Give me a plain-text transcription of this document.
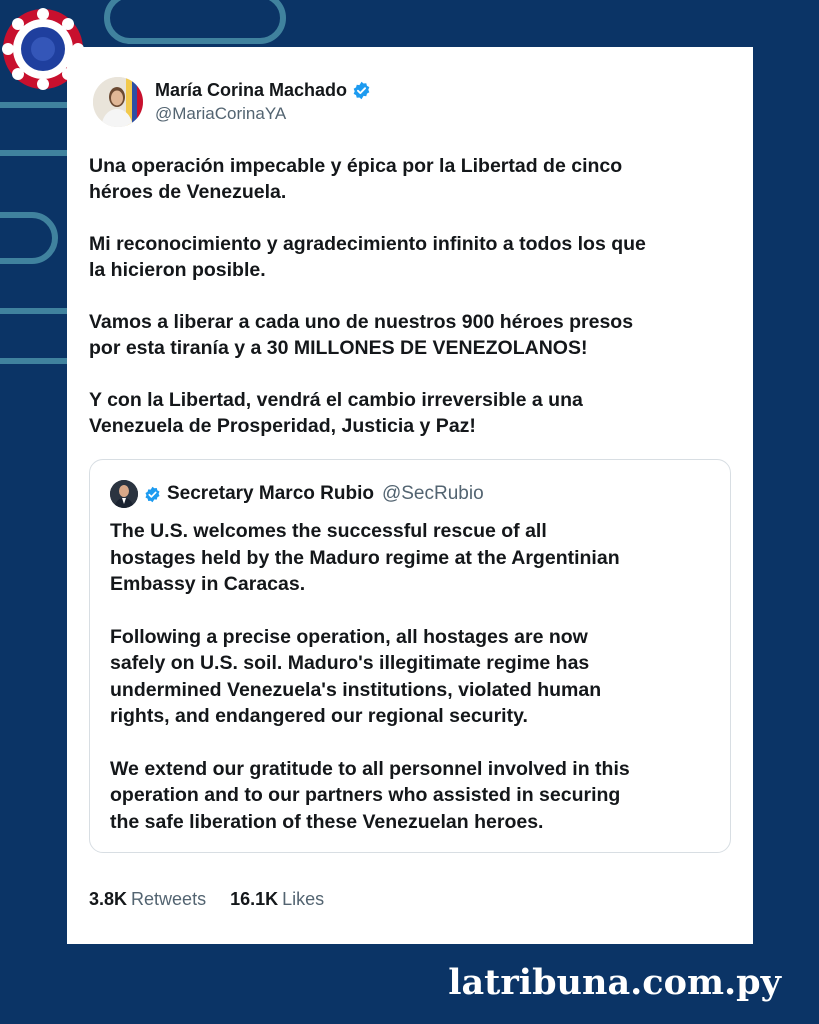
María Corina Machado
@MariaCorinaYA

Una operación impecable y épica por la Libertad de cinco
héroes de Venezuela.

Mi reconocimiento y agradecimiento infinito a todos los que
la hicieron posible.

Vamos a liberar a cada uno de nuestros 900 héroes presos
por esta tiranía y a 30 MILLONES DE VENEZOLANOS!

Y con la Libertad, vendrá el cambio irreversible a una
Venezuela de Prosperidad, Justicia y Paz!

Secretary Marco Rubio @SecRubio

The U.S. welcomes the successful rescue of all
hostages held by the Maduro regime at the Argentinian
Embassy in Caracas.

Following a precise operation, all hostages are now
safely on U.S. soil. Maduro's illegitimate regime has
undermined Venezuela's institutions, violated human
rights, and endangered our regional security.

We extend our gratitude to all personnel involved in this
operation and to our partners who assisted in securing
the safe liberation of these Venezuelan heroes.

3.8K Retweets 16.1K Likes
latribuna.com.py
